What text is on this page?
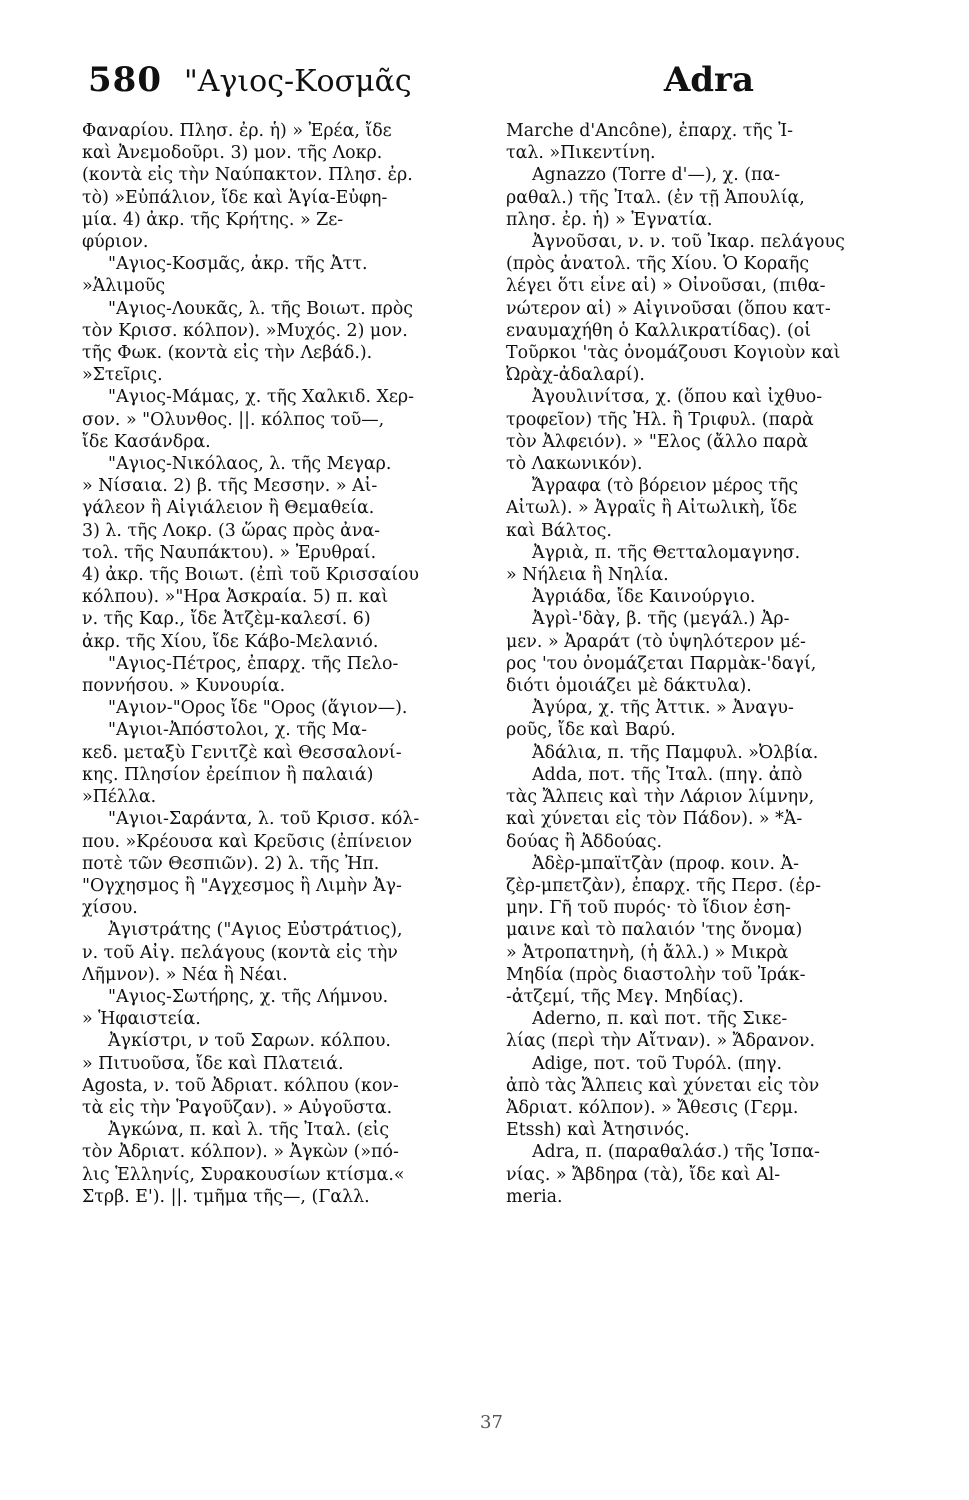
580 "Αγιος-Κοσμᾶς	Adra
Φαναρίου. Πλησ. ἐρ. ἡ) » Ἐρέα, ἴδε
καὶ Ἀνεμοδοῦρι. 3) μον. τῆς Λοκρ.
(κοντὰ εἰς τὴν Ναύπακτον. Πλησ. ἐρ.
τὸ) »Εὐπάλιον, ἴδε καὶ Ἁγία-Εὐφη-
μία. 4) ἀκρ. τῆς Κρήτης. » Ζε-
φύριον.
"Αγιος-Κοσμᾶς, ἀκρ. τῆς Ἀττ.
»Ἁλιμοῦς
"Αγιος-Λουκᾶς, λ. τῆς Βοιωτ. πρὸς
τὸν Κρισσ. κόλπον). »Μυχός. 2) μον.
τῆς Φωκ. (κοντὰ εἰς τὴν Λεβάδ.).
»Στεῖρις.
"Αγιος-Μάμας, χ. τῆς Χαλκιδ. Χερ-
σον. » "Ολυνθος. ||. κόλπος τοῦ—,
ἴδε Κασάνδρα.
"Αγιος-Νικόλαος, λ. τῆς Μεγαρ.
» Νίσαια. 2) β. τῆς Μεσσην. » Αἰ-
γάλεον ἢ Αἰγιάλειον ἢ Θεμαθεία.
3) λ. τῆς Λοκρ. (3 ὥρας πρὸς ἀνα-
τολ. τῆς Ναυπάκτου). » Ἐρυθραί.
4) ἀκρ. τῆς Βοιωτ. (ἐπὶ τοῦ Κρισσαίου
κόλπου). »"Ηρα Ἀσκραία. 5) π. καὶ
ν. τῆς Καρ., ἴδε Ἀτζὲμ-καλεσί. 6)
ἀκρ. τῆς Χίου, ἴδε Κάβο-Μελανιό.
"Αγιος-Πέτρος, ἐπαρχ. τῆς Πελο-
ποννήσου. » Κυνουρία.
"Αγιον-"Ορος ἴδε "Ορος (ἅγιον—).
"Αγιοι-Ἀπόστολοι, χ. τῆς Μα-
κεδ. μεταξὺ Γενιτζὲ καὶ Θεσσαλονί-
κης. Πλησίον ἐρείπιον ἢ παλαιά)
»Πέλλα.
"Αγιοι-Σαράντα, λ. τοῦ Κρισσ. κόλ-
που. »Κρέουσα καὶ Κρεῦσις (ἐπίνειον
ποτὲ τῶν Θεσπιῶν). 2) λ. τῆς Ἠπ.
"Ογχησμος ἢ "Αγχεσμος ἢ Λιμὴν Ἀγ-
χίσου.
Ἀγιστράτης ("Αγιος Εὐστράτιος),
ν. τοῦ Αἰγ. πελάγους (κοντὰ εἰς τὴν
Λῆμνον). » Νέα ἢ Νέαι.
"Αγιος-Σωτήρης, χ. τῆς Λήμνου.
» Ἡφαιστεία.
Ἀγκίστρι, ν τοῦ Σαρων. κόλπου.
» Πιτυοῦσα, ἴδε καὶ Πλατειά.
Agosta, ν. τοῦ Ἀδριατ. κόλπου (κον-
τὰ εἰς τὴν Ῥαγοῦζαν). » Αὐγοῦστα.
Ἀγκώνα, π. καὶ λ. τῆς Ἰταλ. (εἰς
τὸν Ἀδριατ. κόλπον). » Ἀγκὼν (»πό-
λις Ἑλληνίς, Συρακουσίων κτίσμα.«
Στρβ. Ε'). ||. τμῆμα τῆς—, (Γαλλ.
Marche d'Ancône), ἐπαρχ. τῆς Ἰ-
ταλ. »Πικεντίνη.
Agnazzo (Torre d'—), χ. (πα-
ραθαλ.) τῆς Ἰταλ. (ἐν τῇ Ἀπουλίᾳ,
πλησ. ἐρ. ἡ) » Ἐγνατία.
Ἀγνοῦσαι, ν. ν. τοῦ Ἰκαρ. πελάγους
(πρὸς ἀνατολ. τῆς Χίου. Ὁ Κοραῆς
λέγει ὅτι εἶνε αἱ) » Οἰνοῦσαι, (πιθα-
νώτερον αἱ) » Αἰγινοῦσαι (ὅπου κατ-
εναυμαχήθη ὁ Καλλικρατίδας). (οἱ
Τοῦρκοι 'τὰς ὀνομάζουσι Κογιοὺν καὶ
Ὠρὰχ-ἀδαλαρί).
Ἀγουλινίτσα, χ. (ὅπου καὶ ἰχθυο-
τροφεῖον) τῆς Ἠλ. ἢ Τριφυλ. (παρὰ
τὸν Ἀλφειόν). » "Ελος (ἄλλο παρὰ
τὸ Λακωνικόν).
Ἄγραφα (τὸ βόρειον μέρος τῆς
Αἰτωλ). » Ἀγραΐς ἢ Αἰτωλικὴ, ἴδε
καὶ Βάλτος.
Ἀγριὰ, π. τῆς Θετταλομαγνησ.
» Νήλεια ἢ Νηλία.
Ἀγριάδα, ἴδε Καινούργιο.
Ἀγρὶ-'δὰγ, β. τῆς (μεγάλ.) Ἀρ-
μεν. » Ἀραράτ (τὸ ὑψηλότερον μέ-
ρος 'του ὀνομάζεται Παρμὰκ-'δαγί,
διότι ὁμοιάζει μὲ δάκτυλα).
Ἀγύρα, χ. τῆς Ἀττικ. » Ἀναγυ-
ροῦς, ἴδε καὶ Βαρύ.
Ἀδάλια, π. τῆς Παμφυλ. »Ὀλβία.
Adda, ποτ. τῆς Ἰταλ. (πηγ. ἀπὸ
τὰς Ἄλπεις καὶ τὴν Λάριον λίμνην,
καὶ χύνεται εἰς τὸν Πάδον). » *Ἀ-
δούας ἢ Ἀδδούας.
Ἀδὲρ-μπαϊτζὰν (προφ. κοιν. Ἀ-
ζὲρ-μπετζὰν), ἐπαρχ. τῆς Περσ. (ἑρ-
μην. Γῆ τοῦ πυρός· τὸ ἴδιον ἐση-
μαινε καὶ τὸ παλαιόν 'της ὄνομα)
» Ἀτροπατηνὴ, (ἡ ἄλλ.) » Μικρὰ
Μηδία (πρὸς διαστολὴν τοῦ Ἰράκ-
-ἀτζεμί, τῆς Μεγ. Μηδίας).
Aderno, π. καὶ ποτ. τῆς Σικε-
λίας (περὶ τὴν Αἴτναν). » Ἄδρανον.
Adige, ποτ. τοῦ Τυρόλ. (πηγ.
ἀπὸ τὰς Ἄλπεις καὶ χύνεται εἰς τὸν
Ἀδριατ. κόλπον). » Ἄθεσις (Γερμ.
Etssh) καὶ Ἀτησινός.
Adra, π. (παραθαλάσ.) τῆς Ἰσπα-
νίας. » Ἄβδηρα (τὰ), ἴδε καὶ Al-
meria.
37
